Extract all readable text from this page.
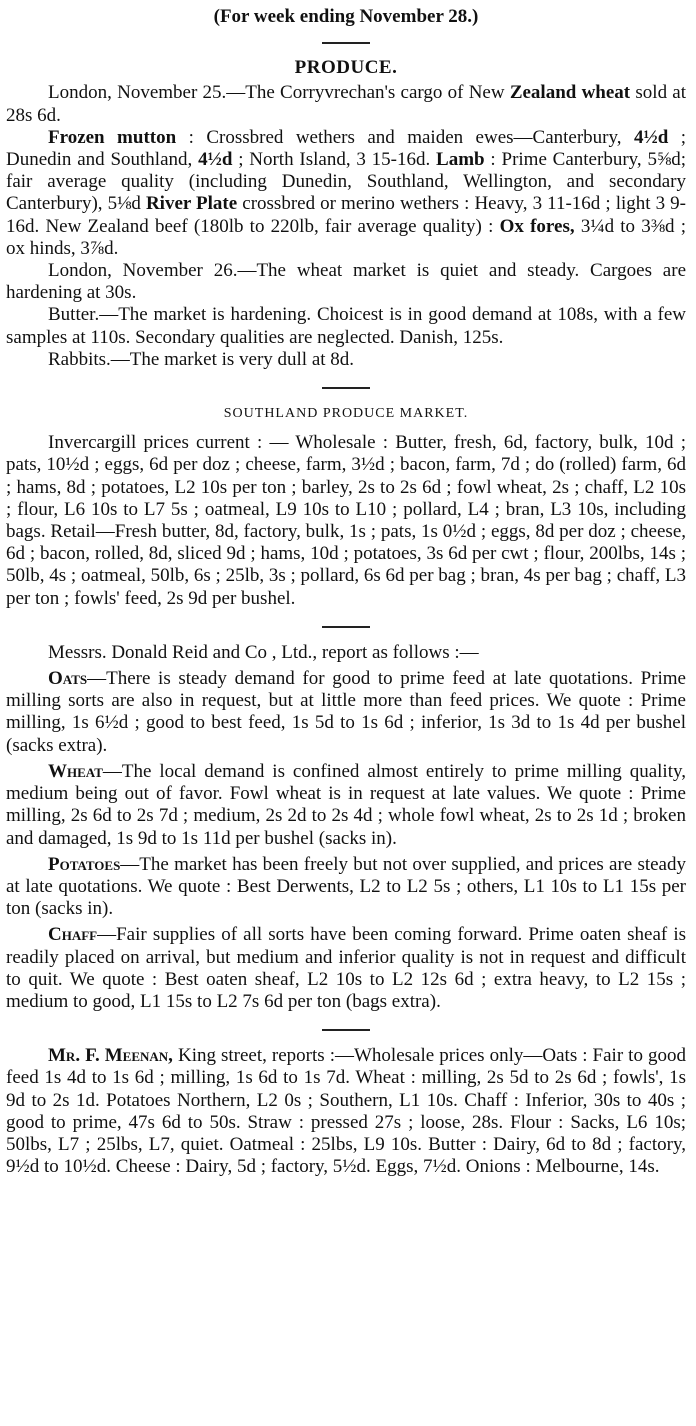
(For week ending November 28.)
PRODUCE.

London, November 25.—The Corryvrechan's cargo of New Zealand wheat sold at 28s 6d.

Frozen mutton : Crossbred wethers and maiden ewes—Canterbury, 4½d ; Dunedin and Southland, 4½d ; North Island, 3 15-16d. Lamb : Prime Canterbury, 5⅝d; fair average quality (including Dunedin, Southland, Wellington, and secondary Canterbury), 5⅛d River Plate crossbred or merino wethers : Heavy, 3 11-16d ; light 3 9-16d. New Zealand beef (180lb to 220lb, fair average quality) : Ox fores, 3¼d to 3⅜d ; ox hinds, 3⅞d.

London, November 26.—The wheat market is quiet and steady. Cargoes are hardening at 30s.

Butter.—The market is hardening. Choicest is in good demand at 108s, with a few samples at 110s. Secondary qualities are neglected. Danish, 125s.

Rabbits.—The market is very dull at 8d.

SOUTHLAND PRODUCE MARKET.

Invercargill prices current : — Wholesale : Butter, fresh, 6d, factory, bulk, 10d ; pats, 10½d ; eggs, 6d per doz ; cheese, farm, 3½d ; bacon, farm, 7d ; do (rolled) farm, 6d ; hams, 8d ; potatoes, L2 10s per ton ; barley, 2s to 2s 6d ; fowl wheat, 2s ; chaff, L2 10s ; flour, L6 10s to L7 5s ; oatmeal, L9 10s to L10 ; pollard, L4 ; bran, L3 10s, including bags. Retail—Fresh butter, 8d, factory, bulk, 1s ; pats, 1s 0½d ; eggs, 8d per doz ; cheese, 6d ; bacon, rolled, 8d, sliced 9d ; hams, 10d ; potatoes, 3s 6d per cwt ; flour, 200lbs, 14s ; 50lb, 4s ; oatmeal, 50lb, 6s ; 25lb, 3s ; pollard, 6s 6d per bag ; bran, 4s per bag ; chaff, L3 per ton ; fowls' feed, 2s 9d per bushel.

Messrs. Donald Reid and Co , Ltd., report as follows :—

Oats—There is steady demand for good to prime feed at late quotations. Prime milling sorts are also in request, but at little more than feed prices. We quote : Prime milling, 1s 6½d ; good to best feed, 1s 5d to 1s 6d ; inferior, 1s 3d to 1s 4d per bushel (sacks extra).

Wheat—The local demand is confined almost entirely to prime milling quality, medium being out of favor. Fowl wheat is in request at late values. We quote : Prime milling, 2s 6d to 2s 7d ; medium, 2s 2d to 2s 4d ; whole fowl wheat, 2s to 2s 1d ; broken and damaged, 1s 9d to 1s 11d per bushel (sacks in).

Potatoes—The market has been freely but not over supplied, and prices are steady at late quotations. We quote : Best Derwents, L2 to L2 5s ; others, L1 10s to L1 15s per ton (sacks in).

Chaff—Fair supplies of all sorts have been coming forward. Prime oaten sheaf is readily placed on arrival, but medium and inferior quality is not in request and difficult to quit. We quote : Best oaten sheaf, L2 10s to L2 12s 6d ; extra heavy, to L2 15s ; medium to good, L1 15s to L2 7s 6d per ton (bags extra).

Mr. F. Meenan, King street, reports :—Wholesale prices only—Oats : Fair to good feed 1s 4d to 1s 6d ; milling, 1s 6d to 1s 7d. Wheat : milling, 2s 5d to 2s 6d ; fowls', 1s 9d to 2s 1d. Potatoes Northern, L2 0s ; Southern, L1 10s. Chaff : Inferior, 30s to 40s ; good to prime, 47s 6d to 50s. Straw : pressed 27s ; loose, 28s. Flour : Sacks, L6 10s; 50lbs, L7 ; 25lbs, L7, quiet. Oatmeal : 25lbs, L9 10s. Butter : Dairy, 6d to 8d ; factory, 9½d to 10½d. Cheese : Dairy, 5d ; factory, 5½d. Eggs, 7½d. Onions : Melbourne, 14s.
